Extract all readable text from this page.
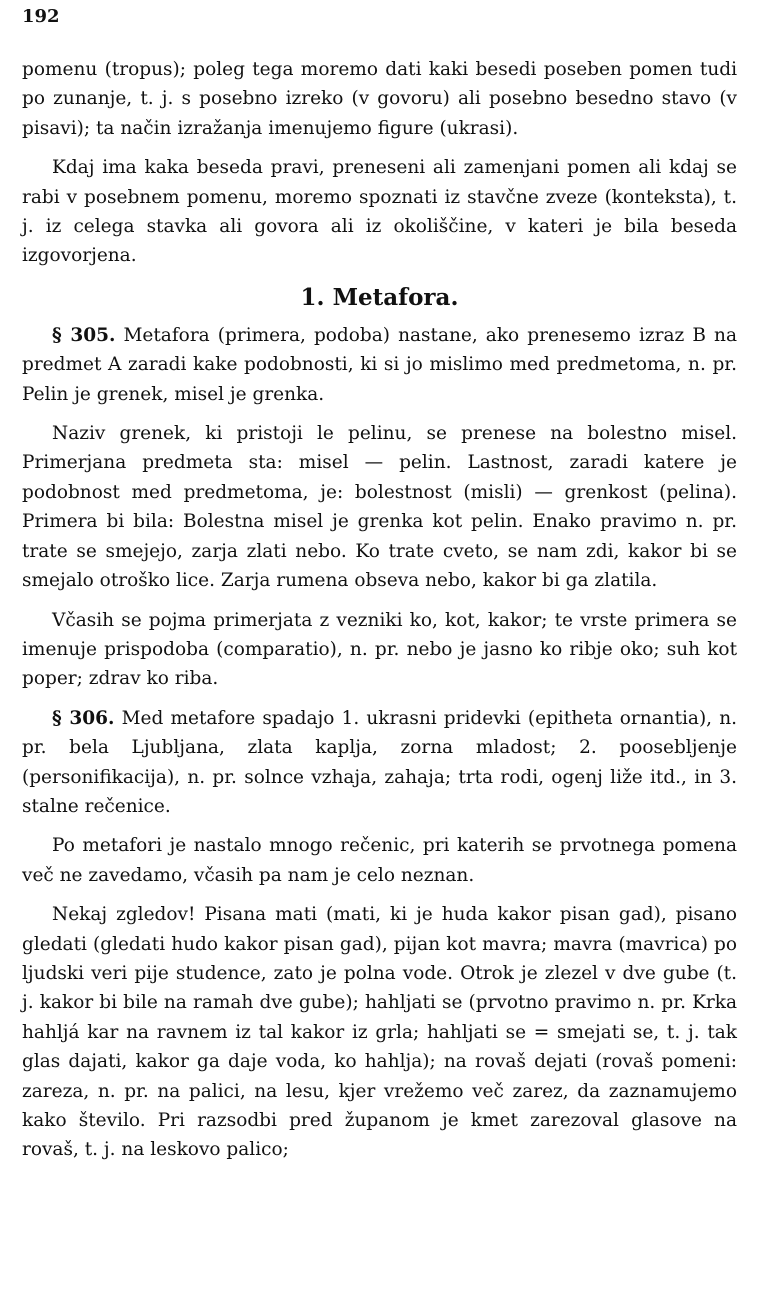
192

pomenu (tropus); poleg tega moremo dati kaki besedi poseben pomen tudi po zunanje, t. j. s posebno izreko (v govoru) ali posebno besedno stavo (v pisavi); ta način izražanja imenujemo figure (ukrasi).

Kdaj ima kaka beseda pravi, preneseni ali zamenjani pomen ali kdaj se rabi v posebnem pomenu, moremo spoznati iz stavčne zveze (konteksta), t. j. iz celega stavka ali govora ali iz okoliščine, v kateri je bila beseda izgovorjena.

1. Metafora.

§ 305. Metafora (primera, podoba) nastane, ako prenesemo izraz B na predmet A zaradi kake podobnosti, ki si jo mislimo med predmetoma, n. pr. Pelin je grenek, misel je grenka.

Naziv grenek, ki pristoji le pelinu, se prenese na bolestno misel. Primerjana predmeta sta: misel — pelin. Lastnost, zaradi katere je podobnost med predmetoma, je: bolestnost (misli) — grenkost (pelina). Primera bi bila: Bolestna misel je grenka kot pelin. Enako pravimo n. pr. trate se smejejo, zarja zlati nebo. Ko trate cveto, se nam zdi, kakor bi se smejalo otroško lice. Zarja rumena obseva nebo, kakor bi ga zlatila.

Včasih se pojma primerjata z vezniki ko, kot, kakor; te vrste primera se imenuje prispodoba (comparatio), n. pr. nebo je jasno ko ribje oko; suh kot poper; zdrav ko riba.

§ 306. Med metafore spadajo 1. ukrasni pridevki (epitheta ornantia), n. pr. bela Ljubljana, zlata kaplja, zorna mladost; 2. poosebljenje (personifikacija), n. pr. solnce vzhaja, zahaja; trta rodi, ogenj liže itd., in 3. stalne rečenice.

Po metafori je nastalo mnogo rečenic, pri katerih se prvotnega pomena več ne zavedamo, včasih pa nam je celo neznan.

Nekaj zgledov! Pisana mati (mati, ki je huda kakor pisan gad), pisano gledati (gledati hudo kakor pisan gad), pijan kot mavra; mavra (mavrica) po ljudski veri pije studence, zato je polna vode. Otrok je zlezel v dve gube (t. j. kakor bi bile na ramah dve gube); hahljati se (prvotno pravimo n. pr. Krka hahljá kar na ravnem iz tal kakor iz grla; hahljati se = smejati se, t. j. tak glas dajati, kakor ga daje voda, ko hahlja); na rovaš dejati (rovaš pomeni: zareza, n. pr. na palici, na lesu, kjer vrežemo več zarez, da zaznamujemo kako število. Pri razsodbi pred županom je kmet zarezoval glasove na rovaš, t. j. na leskovo palico;
